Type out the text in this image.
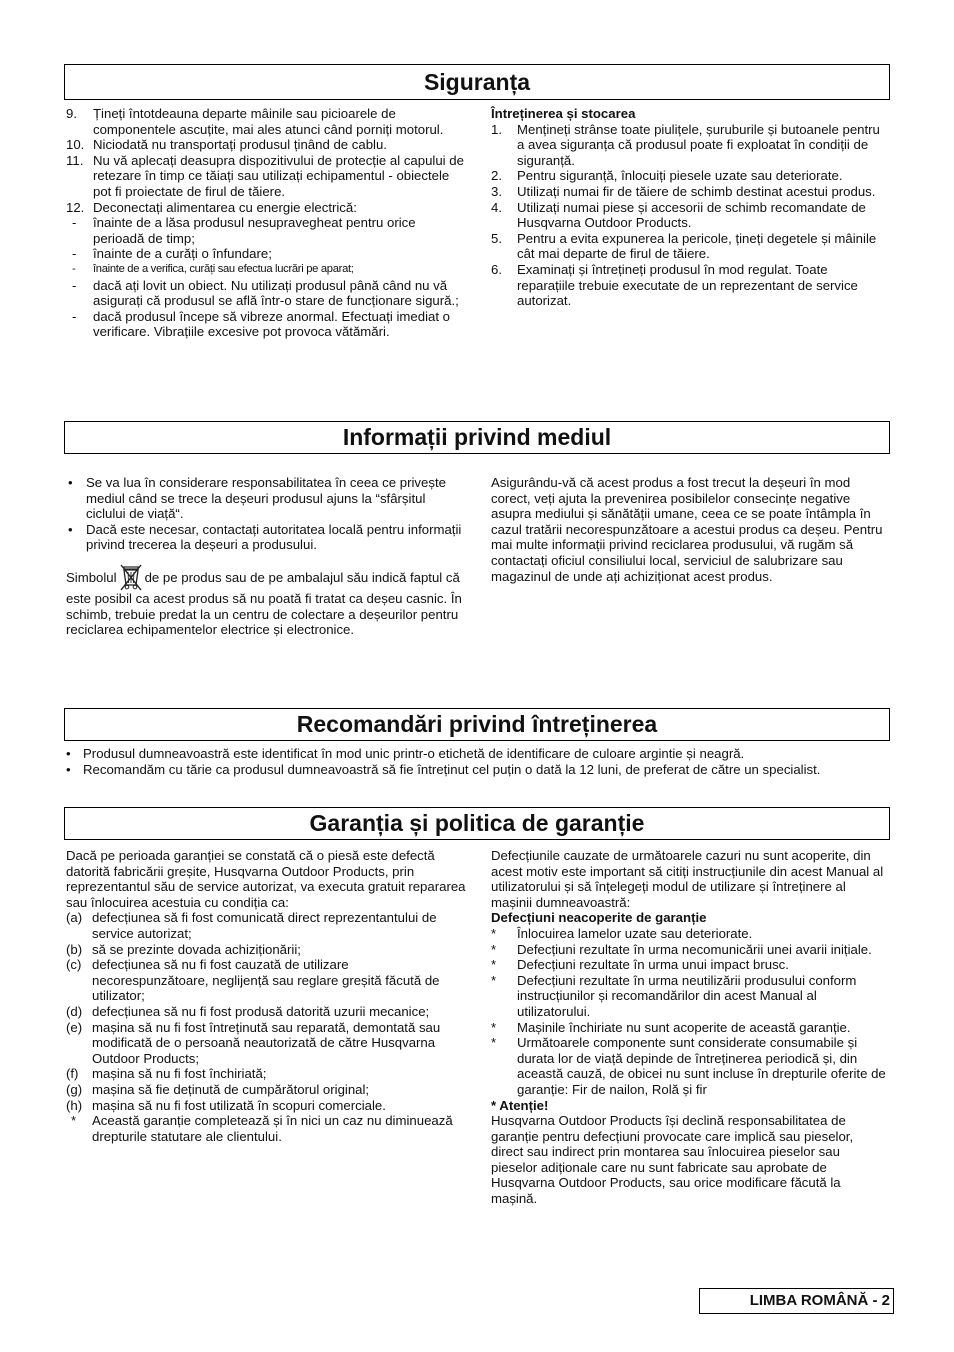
Siguranța
9. Țineți întotdeauna departe mâinile sau picioarele de componentele ascuțite, mai ales atunci când porniți motorul.
10. Niciodată nu transportați produsul ținând de cablu.
11. Nu vă aplecați deasupra dispozitivului de protecție al capului de retezare în timp ce tăiați sau utilizați echipamentul - obiectele pot fi proiectate de firul de tăiere.
12. Deconectați alimentarea cu energie electrică:
- înainte de a lăsa produsul nesupravegheat pentru orice perioadă de timp;
- înainte de a curăți o înfundare;
- înainte de a verifica, curăți sau efectua lucrări pe aparat;
- dacă ați lovit un obiect. Nu utilizați produsul până când nu vă asigurați că produsul se află într-o stare de funcționare sigură.;
- dacă produsul începe să vibreze anormal. Efectuați imediat o verificare. Vibrațiile excesive pot provoca vătămări.
Întreținerea și stocarea
1. Mențineți strânse toate piulițele, șuruburile și butoanele pentru a avea siguranța că produsul poate fi exploatat în condiții de siguranță.
2. Pentru siguranță, înlocuiți piesele uzate sau deteriorate.
3. Utilizați numai fir de tăiere de schimb destinat acestui produs.
4. Utilizați numai piese și accesorii de schimb recomandate de Husqvarna Outdoor Products.
5. Pentru a evita expunerea la pericole, țineți degetele și mâinile cât mai departe de firul de tăiere.
6. Examinați și întrețineți produsul în mod regulat. Toate reparațiile trebuie executate de un reprezentant de service autorizat.
Informații privind mediul
• Se va lua în considerare responsabilitatea în ceea ce privește mediul când se trece la deșeuri produsul ajuns la “sfârșitul ciclului de viață“.
• Dacă este necesar, contactați autoritatea locală pentru informații privind trecerea la deșeuri a produsului.
Simbolul de pe produs sau de pe ambalajul său indică faptul că este posibil ca acest produs să nu poată fi tratat ca deșeu casnic. În schimb, trebuie predat la un centru de colectare a deșeurilor pentru reciclarea echipamentelor electrice și electronice.
Asigurându-vă că acest produs a fost trecut la deșeuri în mod corect, veți ajuta la prevenirea posibilelor consecințe negative asupra mediului și sănătății umane, ceea ce se poate întâmpla în cazul tratării necorespunzătoare a acestui produs ca deșeu. Pentru mai multe informații privind reciclarea produsului, vă rugăm să contactați oficiul consiliului local, serviciul de salubrizare sau magazinul de unde ați achiziționat acest produs.
Recomandări privind întreținerea
• Produsul dumneavoastră este identificat în mod unic printr-o etichetă de identificare de culoare argintie și neagră.
• Recomandăm cu tărie ca produsul dumneavoastră să fie întreținut cel puțin o dată la 12 luni, de preferat de către un specialist.
Garanția și politica de garanție
Dacă pe perioada garanției se constată că o piesă este defectă datorită fabricării greșite, Husqvarna Outdoor Products, prin reprezentantul său de service autorizat, va executa gratuit repararea sau înlocuirea acestuia cu condiția ca:
(a) defecțiunea să fi fost comunicată direct reprezentantului de service autorizat;
(b) să se prezinte dovada achiziționării;
(c) defecțiunea să nu fi fost cauzată de utilizare necorespunzătoare, neglijență sau reglare greșită făcută de utilizator;
(d) defecțiunea să nu fi fost produsă datorită uzurii mecanice;
(e) mașina să nu fi fost întreținută sau reparată, demontată sau modificată de o persoană neautorizată de către Husqvarna Outdoor Products;
(f) mașina să nu fi fost închiriată;
(g) mașina să fie deținută de cumpărătorul original;
(h) mașina să nu fi fost utilizată în scopuri comerciale.
* Această garanție completează și în nici un caz nu diminuează drepturile statutare ale clientului.
Defecțiunile cauzate de următoarele cazuri nu sunt acoperite, din acest motiv este important să citiți instrucțiunile din acest Manual al utilizatorului și să înțelegeți modul de utilizare și întreținere al mașinii dumneavoastră:
Defecțiuni neacoperite de garanție
* Înlocuirea lamelor uzate sau deteriorate.
* Defecțiuni rezultate în urma necomunicării unei avarii inițiale.
* Defecțiuni rezultate în urma unui impact brusc.
* Defecțiuni rezultate în urma neutilizării produsului conform instrucțiunilor și recomandărilor din acest Manual al utilizatorului.
* Mașinile închiriate nu sunt acoperite de această garanție.
* Următoarele componente sunt considerate consumabile și durata lor de viață depinde de întreținerea periodică și, din această cauză, de obicei nu sunt incluse în drepturile oferite de garanție: Fir de nailon, Rolă și fir
* Atenție!
Husqvarna Outdoor Products își declină responsabilitatea de garanție pentru defecțiuni provocate care implică sau pieselor, direct sau indirect prin montarea sau înlocuirea pieselor sau pieselor adiționale care nu sunt fabricate sau aprobate de Husqvarna Outdoor Products, sau orice modificare făcută la mașină.
LIMBA ROMÂNĂ - 2
